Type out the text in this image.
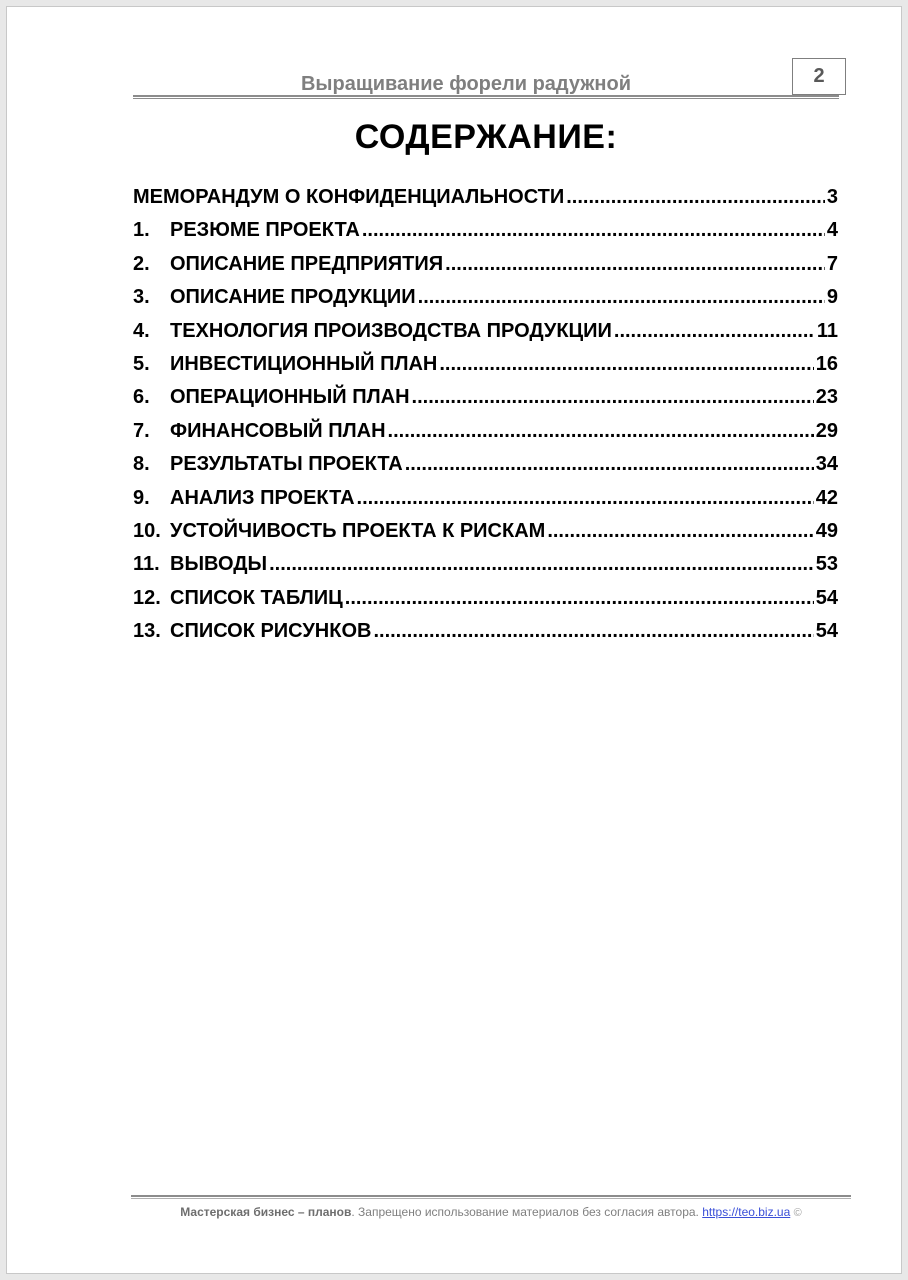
Выращивание форели радужной	2
СОДЕРЖАНИЕ:
МЕМОРАНДУМ О КОНФИДЕНЦИАЛЬНОСТИ .....	3
1.	РЕЗЮМЕ ПРОЕКТА .....	4
2.	ОПИСАНИЕ ПРЕДПРИЯТИЯ .....	7
3.	ОПИСАНИЕ ПРОДУКЦИИ .....	9
4.	ТЕХНОЛОГИЯ ПРОИЗВОДСТВА ПРОДУКЦИИ .....	11
5.	ИНВЕСТИЦИОННЫЙ ПЛАН .....	16
6.	ОПЕРАЦИОННЫЙ ПЛАН .....	23
7.	ФИНАНСОВЫЙ ПЛАН .....	29
8.	РЕЗУЛЬТАТЫ ПРОЕКТА .....	34
9.	АНАЛИЗ ПРОЕКТА .....	42
10. УСТОЙЧИВОСТЬ ПРОЕКТА К РИСКАМ .....	49
11. ВЫВОДЫ .....	53
12. СПИСОК ТАБЛИЦ .....	54
13. СПИСОК РИСУНКОВ .....	54
Мастерская бизнес – планов. Запрещено использование материалов без согласия автора. https://teo.biz.ua ©
